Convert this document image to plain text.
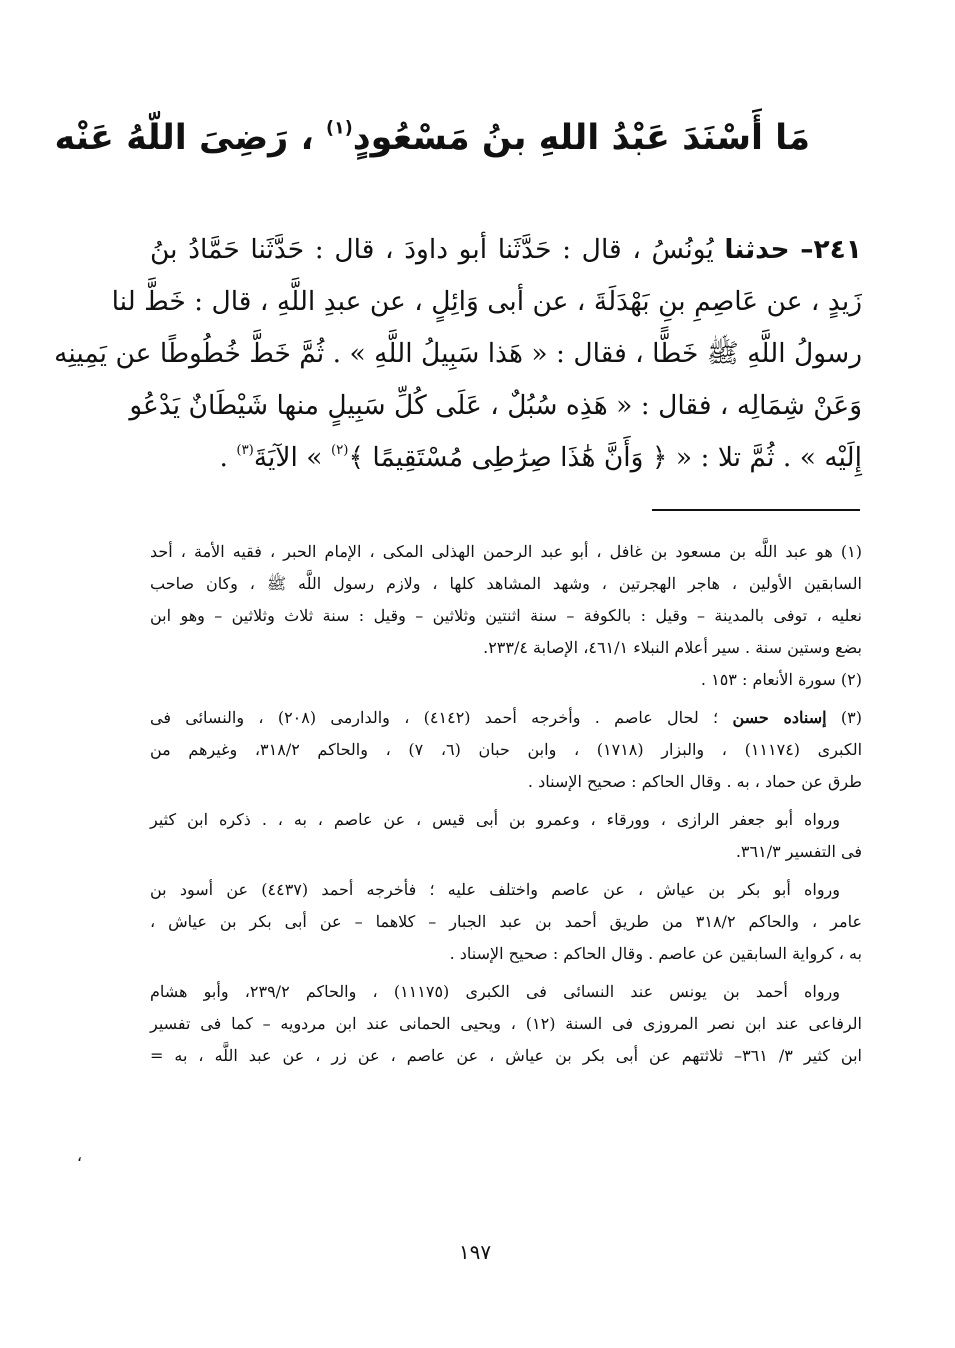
مَا أَسْنَدَ عَبْدُ اللهِ بنُ مَسْعُودٍ$^{(١)}$ ، رَضِىَ اللّهُ عَنْه
٢٤١– حدثنا يُونُسُ ، قال : حَدَّثَنا أبو داودَ ، قال : حَدَّثَنا حَمَّادُ بنُ
زَيدٍ ، عن عَاصِمِ بنِ بَهْدَلَةَ ، عن أبى وَائِلٍ ، عن عبدِ اللَّهِ ، قال : خَطَّ لنا
رسولُ اللَّهِ ﷺ خَطًّا ، فقال : « هَذا سَبِيلُ اللَّهِ » . ثُمَّ خَطَّ خُطُوطًا عن يَمِينِه
وَعَنْ شِمَالِه ، فقال : « هَذِه سُبُلٌ ، عَلَى كُلِّ سَبِيلٍ منها شَيْطَانٌ يَدْعُو
إِلَيْه » . ثُمَّ تلا : « ﴿ وَأَنَّ هَٰذَا صِرَٰطِى مُسْتَقِيمًا ﴾$^{(٢)}$ » الآيَةَ$^{(٣)}$ .
(١) هو عبد اللَّه بن مسعود بن غافل ، أبو عبد الرحمن الهذلى المكى ، الإمام الحبر ، فقيه الأمة ، أحد
السابقين الأولين ، هاجر الهجرتين ، وشهد المشاهد كلها ، ولازم رسول اللَّه ﷺ ، وكان صاحب
نعليه ، توفى بالمدينة – وقيل : بالكوفة – سنة اثنتين وثلاثين – وقيل : سنة ثلاث وثلاثين – وهو ابن
بضع وستين سنة . سير أعلام النبلاء ٤٦١/١، الإصابة ٢٣٣/٤.
(٢) سورة الأنعام : ١٥٣ .
(٣) إسناده حسن ؛ لحال عاصم . وأخرجه أحمد (٤١٤٢) ، والدارمى (٢٠٨) ، والنسائى فى
الكبرى (١١١٧٤) ، والبزار (١٧١٨) ، وابن حبان (٦، ٧) ، والحاكم ٣١٨/٢، وغيرهم من
طرق عن حماد ، به . وقال الحاكم : صحيح الإسناد .
ورواه أبو جعفر الرازى ، وورقاء ، وعمرو بن أبى قيس ، عن عاصم ، به ، . ذكره ابن كثير
فى التفسير ٣٦١/٣.
ورواه أبو بكر بن عياش ، عن عاصم واختلف عليه ؛ فأخرجه أحمد (٤٤٣٧) عن أسود بن
عامر ، والحاكم ٣١٨/٢ من طريق أحمد بن عبد الجبار – كلاهما – عن أبى بكر بن عياش ،
به ، كرواية السابقين عن عاصم . وقال الحاكم : صحيح الإسناد .
ورواه أحمد بن يونس عند النسائى فى الكبرى (١١١٧٥) ، والحاكم ٢٣٩/٢، وأبو هشام
الرفاعى عند ابن نصر المروزى فى السنة (١٢) ، ويحيى الحمانى عند ابن مردويه – كما فى تفسير
ابن كثير ٣/ ٣٦١– ثلاثتهم عن أبى بكر بن عياش ، عن عاصم ، عن زر ، عن عبد اللَّه ، به =
،
١٩٧
